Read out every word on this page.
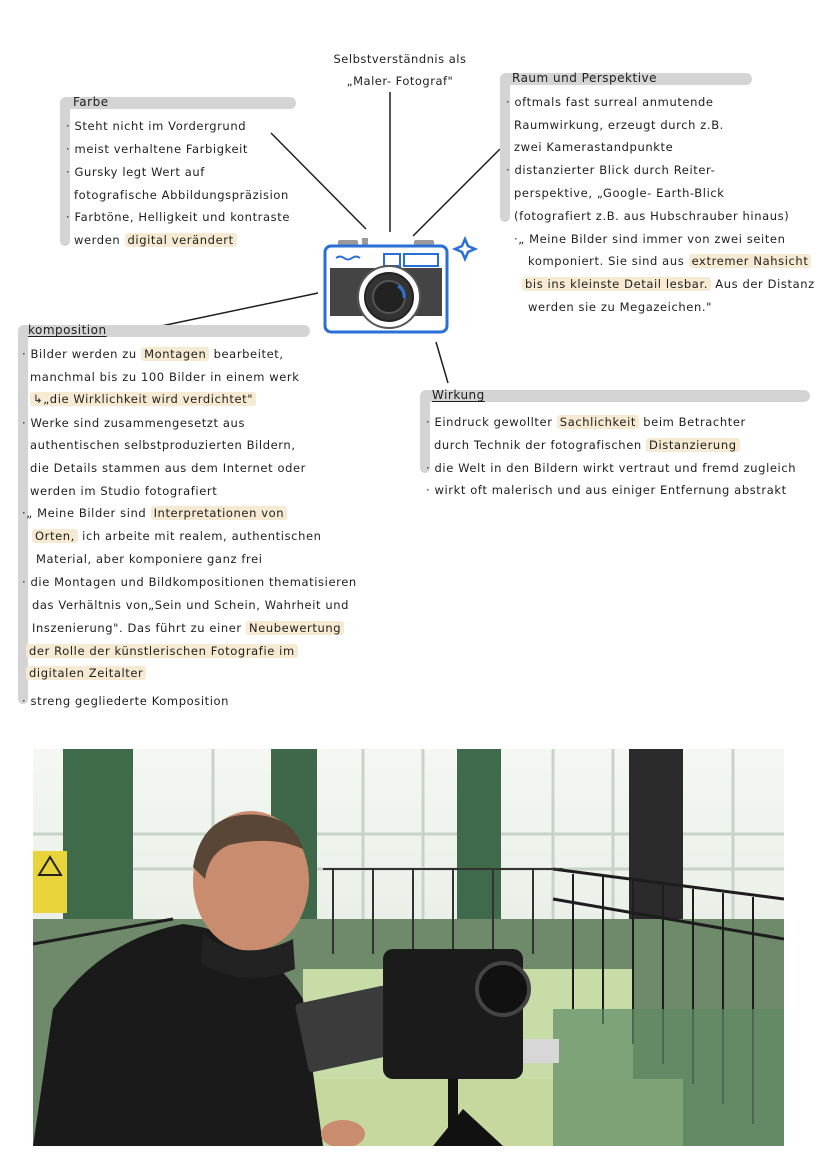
Selbstverständnis als
„Maler- Fotograf"
Farbe
· Steht nicht im Vordergrund
· meist verhaltene Farbigkeit
· Gursky legt Wert auf
fotografische Abbildungspräzision
· Farbtöne, Helligkeit und kontraste
werden digital verändert
Raum und Perspektive
· oftmals fast surreal anmutende
Raumwirkung, erzeugt durch z.B.
zwei Kamerastandpunkte
· distanzierter Blick durch Reiter-
perspektive, „Google- Earth-Blick
(fotografiert z.B. aus Hubschrauber hinaus)
·„ Meine Bilder sind immer von zwei seiten
komponiert. Sie sind aus extremer Nahsicht
bis ins kleinste Detail lesbar. Aus der Distanz
werden sie zu Megazeichen."
komposition
· Bilder werden zu Montagen bearbeitet,
manchmal bis zu 100 Bilder in einem werk
↳„die Wirklichkeit wird verdichtet"
· Werke sind zusammengesetzt aus
authentischen selbstproduzierten Bildern,
die Details stammen aus dem Internet oder
werden im Studio fotografiert
·„ Meine Bilder sind Interpretationen von
Orten, ich arbeite mit realem, authentischen
Material, aber komponiere ganz frei
· die Montagen und Bildkompositionen thematisieren
das Verhältnis von„Sein und Schein, Wahrheit und
Inszenierung". Das führt zu einer Neubewertung
der Rolle der künstlerischen Fotografie im
digitalen Zeitalter
· streng gegliederte Komposition
Wirkung
· Eindruck gewollter Sachlichkeit beim Betrachter
durch Technik der fotografischen Distanzierung
· die Welt in den Bildern wirkt vertraut und fremd zugleich
· wirkt oft malerisch und aus einiger Entfernung abstrakt
